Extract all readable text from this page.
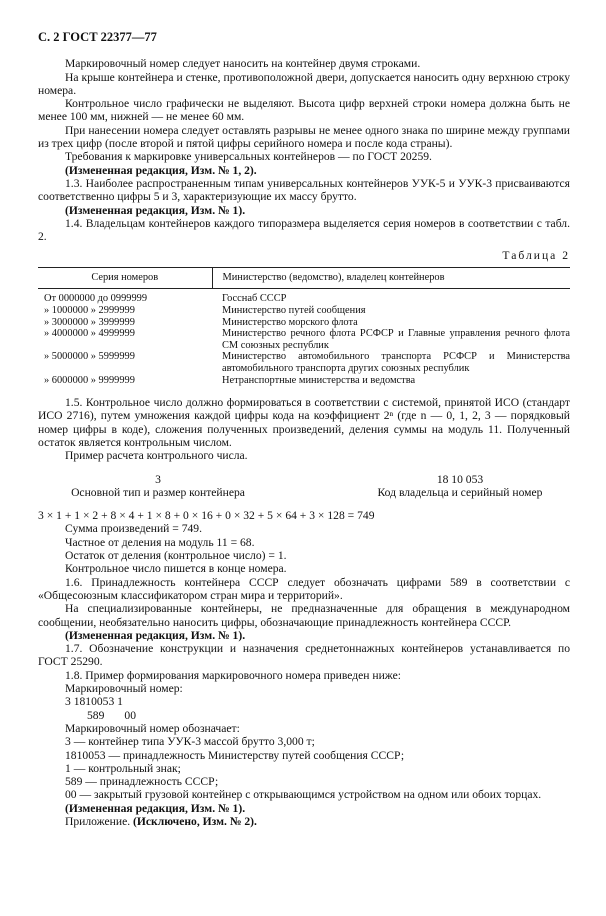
С. 2 ГОСТ 22377—77

Маркировочный номер следует наносить на контейнер двумя строками.

На крыше контейнера и стенке, противоположной двери, допускается наносить одну верхнюю строку номера.

Контрольное число графически не выделяют. Высота цифр верхней строки номера должна быть не менее 100 мм, нижней — не менее 60 мм.

При нанесении номера следует оставлять разрывы не менее одного знака по ширине между группами из трех цифр (после второй и пятой цифры серийного номера и после кода страны).

Требования к маркировке универсальных контейнеров — по ГОСТ 20259.

(Измененная редакция, Изм. № 1, 2).

1.3. Наиболее распространенным типам универсальных контейнеров УУК-5 и УУК-3 присваиваются соответственно цифры 5 и 3, характеризующие их массу брутто.

(Измененная редакция, Изм. № 1).

1.4. Владельцам контейнеров каждого типоразмера выделяется серия номеров в соответствии с табл. 2.

Таблица 2
Серия номеров	Министерство (ведомство), владелец контейнеров
От 0000000 до 0999999	Госснаб СССР
» 1000000 » 2999999	Министерство путей сообщения
» 3000000 » 3999999	Министерство морского флота
» 4000000 » 4999999	Министерство речного флота РСФСР и Главные управления речного флота СМ союзных республик
» 5000000 » 5999999	Министерство автомобильного транспорта РСФСР и Министерства автомобильного транспорта других союзных республик
» 6000000 » 9999999	Нетранспортные министерства и ведомства

1.5. Контрольное число должно формироваться в соответствии с системой, принятой ИСО (стандарт ИСО 2716), путем умножения каждой цифры кода на коэффициент 2ⁿ (где n — 0, 1, 2, 3 — порядковый номер цифры в коде), сложения полученных произведений, деления суммы на модуль 11. Полученный остаток является контрольным числом.

Пример расчета контрольного числа.

3
Основной тип и размер контейнера
18 10 053
Код владельца и серийный номер

3 × 1 + 1 × 2 + 8 × 4 + 1 × 8 + 0 × 16 + 0 × 32 + 5 × 64 + 3 × 128 = 749

Сумма произведений = 749.

Частное от деления на модуль 11 = 68.

Остаток от деления (контрольное число) = 1.

Контрольное число пишется в конце номера.

1.6. Принадлежность контейнера СССР следует обозначать цифрами 589 в соответствии с «Общесоюзным классификатором стран мира и территорий».

На специализированные контейнеры, не предназначенные для обращения в международном сообщении, необязательно наносить цифры, обозначающие принадлежность контейнера СССР.

(Измененная редакция, Изм. № 1).

1.7. Обозначение конструкции и назначения среднетоннажных контейнеров устанавливается по ГОСТ 25290.

1.8. Пример формирования маркировочного номера приведен ниже:

Маркировочный номер:

3 1810053 1

589 00

Маркировочный номер обозначает:

3 — контейнер типа УУК-3 массой брутто 3,000 т;

1810053 — принадлежность Министерству путей сообщения СССР;

1 — контрольный знак;

589 — принадлежность СССР;

00 — закрытый грузовой контейнер с открывающимся устройством на одном или обоих торцах.

(Измененная редакция, Изм. № 1).

Приложение. (Исключено, Изм. № 2).
